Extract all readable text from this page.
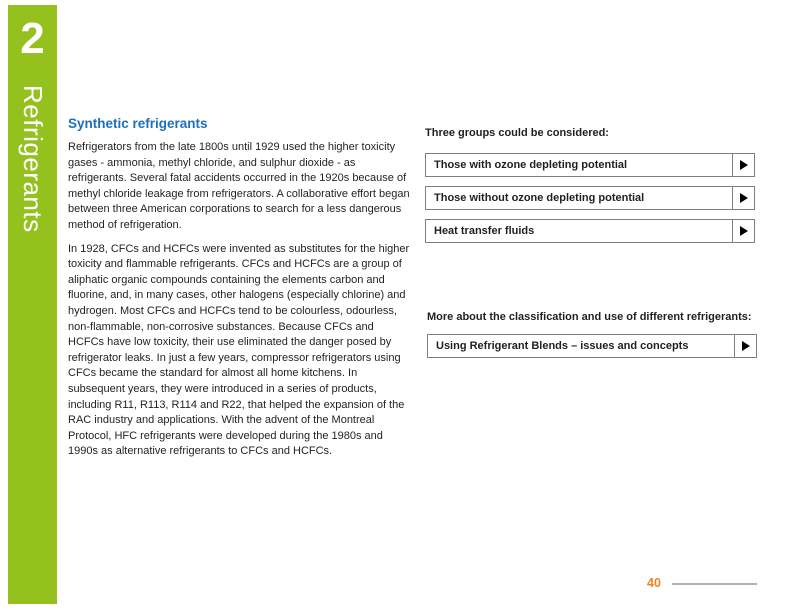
2
Refrigerants Synthetic refrigerants

Refrigerators from the late 1800s until 1929 used the higher toxicity gases - ammonia, methyl chloride, and sulphur dioxide - as refrigerants. Several fatal accidents occurred in the 1920s because of methyl chloride leakage from refrigerators. A collaborative effort began between three American corporations to search for a less dangerous method of refrigeration.

In 1928, CFCs and HCFCs were invented as substitutes for the higher toxicity and flammable refrigerants. CFCs and HCFCs are a group of aliphatic organic compounds containing the elements carbon and fluorine, and, in many cases, other halogens (especially chlorine) and hydrogen. Most CFCs and HCFCs tend to be colourless, odourless, non-flammable, non-corrosive substances. Because CFCs and HCFCs have low toxicity, their use eliminated the danger posed by refrigerator leaks. In just a few years, compressor refrigerators using CFCs became the standard for almost all home kitchens. In subsequent years, they were introduced in a series of products, including R11, R113, R114 and R22, that helped the expansion of the RAC industry and applications. With the advent of the Montreal Protocol, HFC refrigerants were developed during the 1980s and 1990s as alternative refrigerants to CFCs and HCFCs.

Three groups could be considered:
Those with ozone depleting potential
Those without ozone depleting potential
Heat transfer fluids
More about the classification and use of different refrigerants:
Using Refrigerant Blends – issues and concepts
40
